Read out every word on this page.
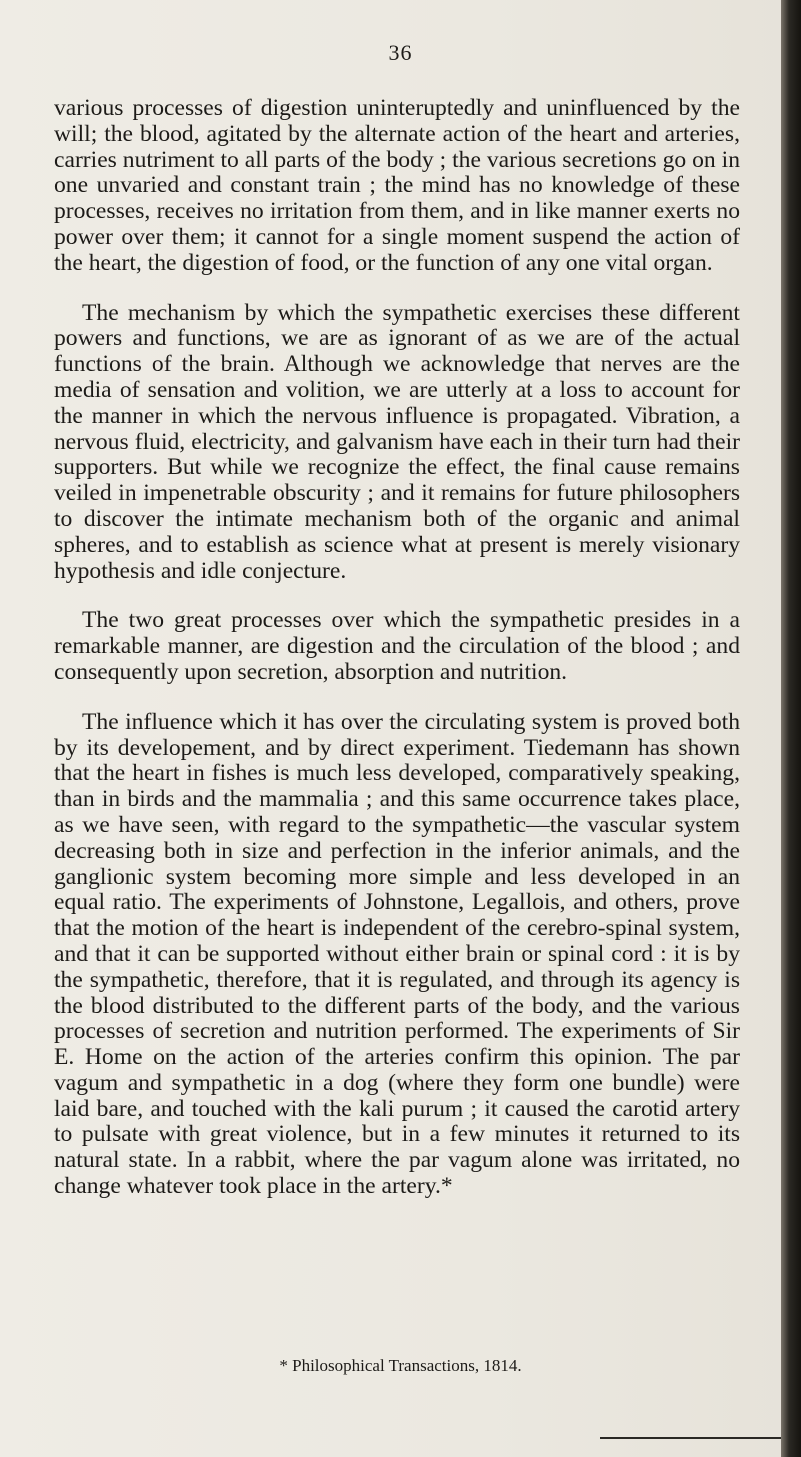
36

various processes of digestion uninteruptedly and uninfluenced by the will; the blood, agitated by the alternate action of the heart and arteries, carries nutriment to all parts of the body ; the various secretions go on in one unvaried and constant train ; the mind has no knowledge of these processes, receives no irritation from them, and in like manner exerts no power over them; it cannot for a single moment suspend the action of the heart, the digestion of food, or the function of any one vital organ.

The mechanism by which the sympathetic exercises these different powers and functions, we are as ignorant of as we are of the actual functions of the brain. Although we acknowledge that nerves are the media of sensation and volition, we are utterly at a loss to account for the manner in which the nervous influence is propagated. Vibration, a nervous fluid, electricity, and galvanism have each in their turn had their supporters. But while we recognize the effect, the final cause remains veiled in impenetrable obscurity ; and it remains for future philosophers to discover the intimate mechanism both of the organic and animal spheres, and to establish as science what at present is merely visionary hypothesis and idle conjecture.

The two great processes over which the sympathetic presides in a remarkable manner, are digestion and the circulation of the blood ; and consequently upon secretion, absorption and nutrition.

The influence which it has over the circulating system is proved both by its developement, and by direct experiment. Tiedemann has shown that the heart in fishes is much less developed, comparatively speaking, than in birds and the mammalia ; and this same occurrence takes place, as we have seen, with regard to the sympathetic—the vascular system decreasing both in size and perfection in the inferior animals, and the ganglionic system becoming more simple and less developed in an equal ratio. The experiments of Johnstone, Legallois, and others, prove that the motion of the heart is independent of the cerebro-spinal system, and that it can be supported without either brain or spinal cord : it is by the sympathetic, therefore, that it is regulated, and through its agency is the blood distributed to the different parts of the body, and the various processes of secretion and nutrition performed. The experiments of Sir E. Home on the action of the arteries confirm this opinion. The par vagum and sympathetic in a dog (where they form one bundle) were laid bare, and touched with the kali purum ; it caused the carotid artery to pulsate with great violence, but in a few minutes it returned to its natural state. In a rabbit, where the par vagum alone was irritated, no change whatever took place in the artery.*

* Philosophical Transactions, 1814.
